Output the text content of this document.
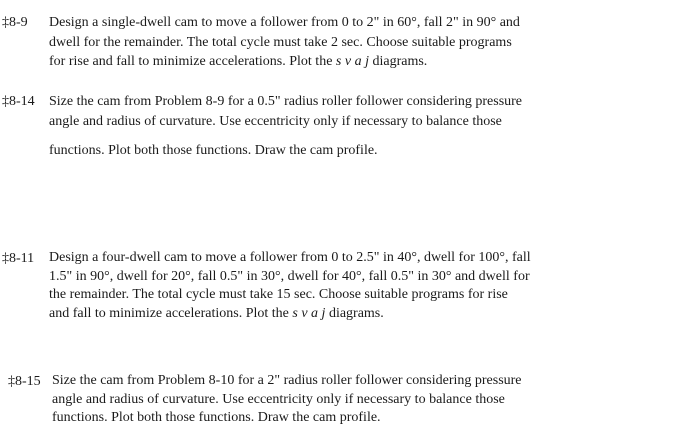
‡8-9 Design a single-dwell cam to move a follower from 0 to 2" in 60°, fall 2" in 90° and
dwell for the remainder. The total cycle must take 2 sec. Choose suitable programs
for rise and fall to minimize accelerations. Plot the s v a j diagrams.
‡8-14 Size the cam from Problem 8-9 for a 0.5" radius roller follower considering pressure
angle and radius of curvature. Use eccentricity only if necessary to balance those
functions. Plot both those functions. Draw the cam profile.
‡8-11 Design a four-dwell cam to move a follower from 0 to 2.5" in 40°, dwell for 100°, fall
1.5" in 90°, dwell for 20°, fall 0.5" in 30°, dwell for 40°, fall 0.5" in 30° and dwell for
the remainder. The total cycle must take 15 sec. Choose suitable programs for rise
and fall to minimize accelerations. Plot the s v a j diagrams.
‡8-15 Size the cam from Problem 8-10 for a 2" radius roller follower considering pressure
angle and radius of curvature. Use eccentricity only if necessary to balance those
functions. Plot both those functions. Draw the cam profile.
